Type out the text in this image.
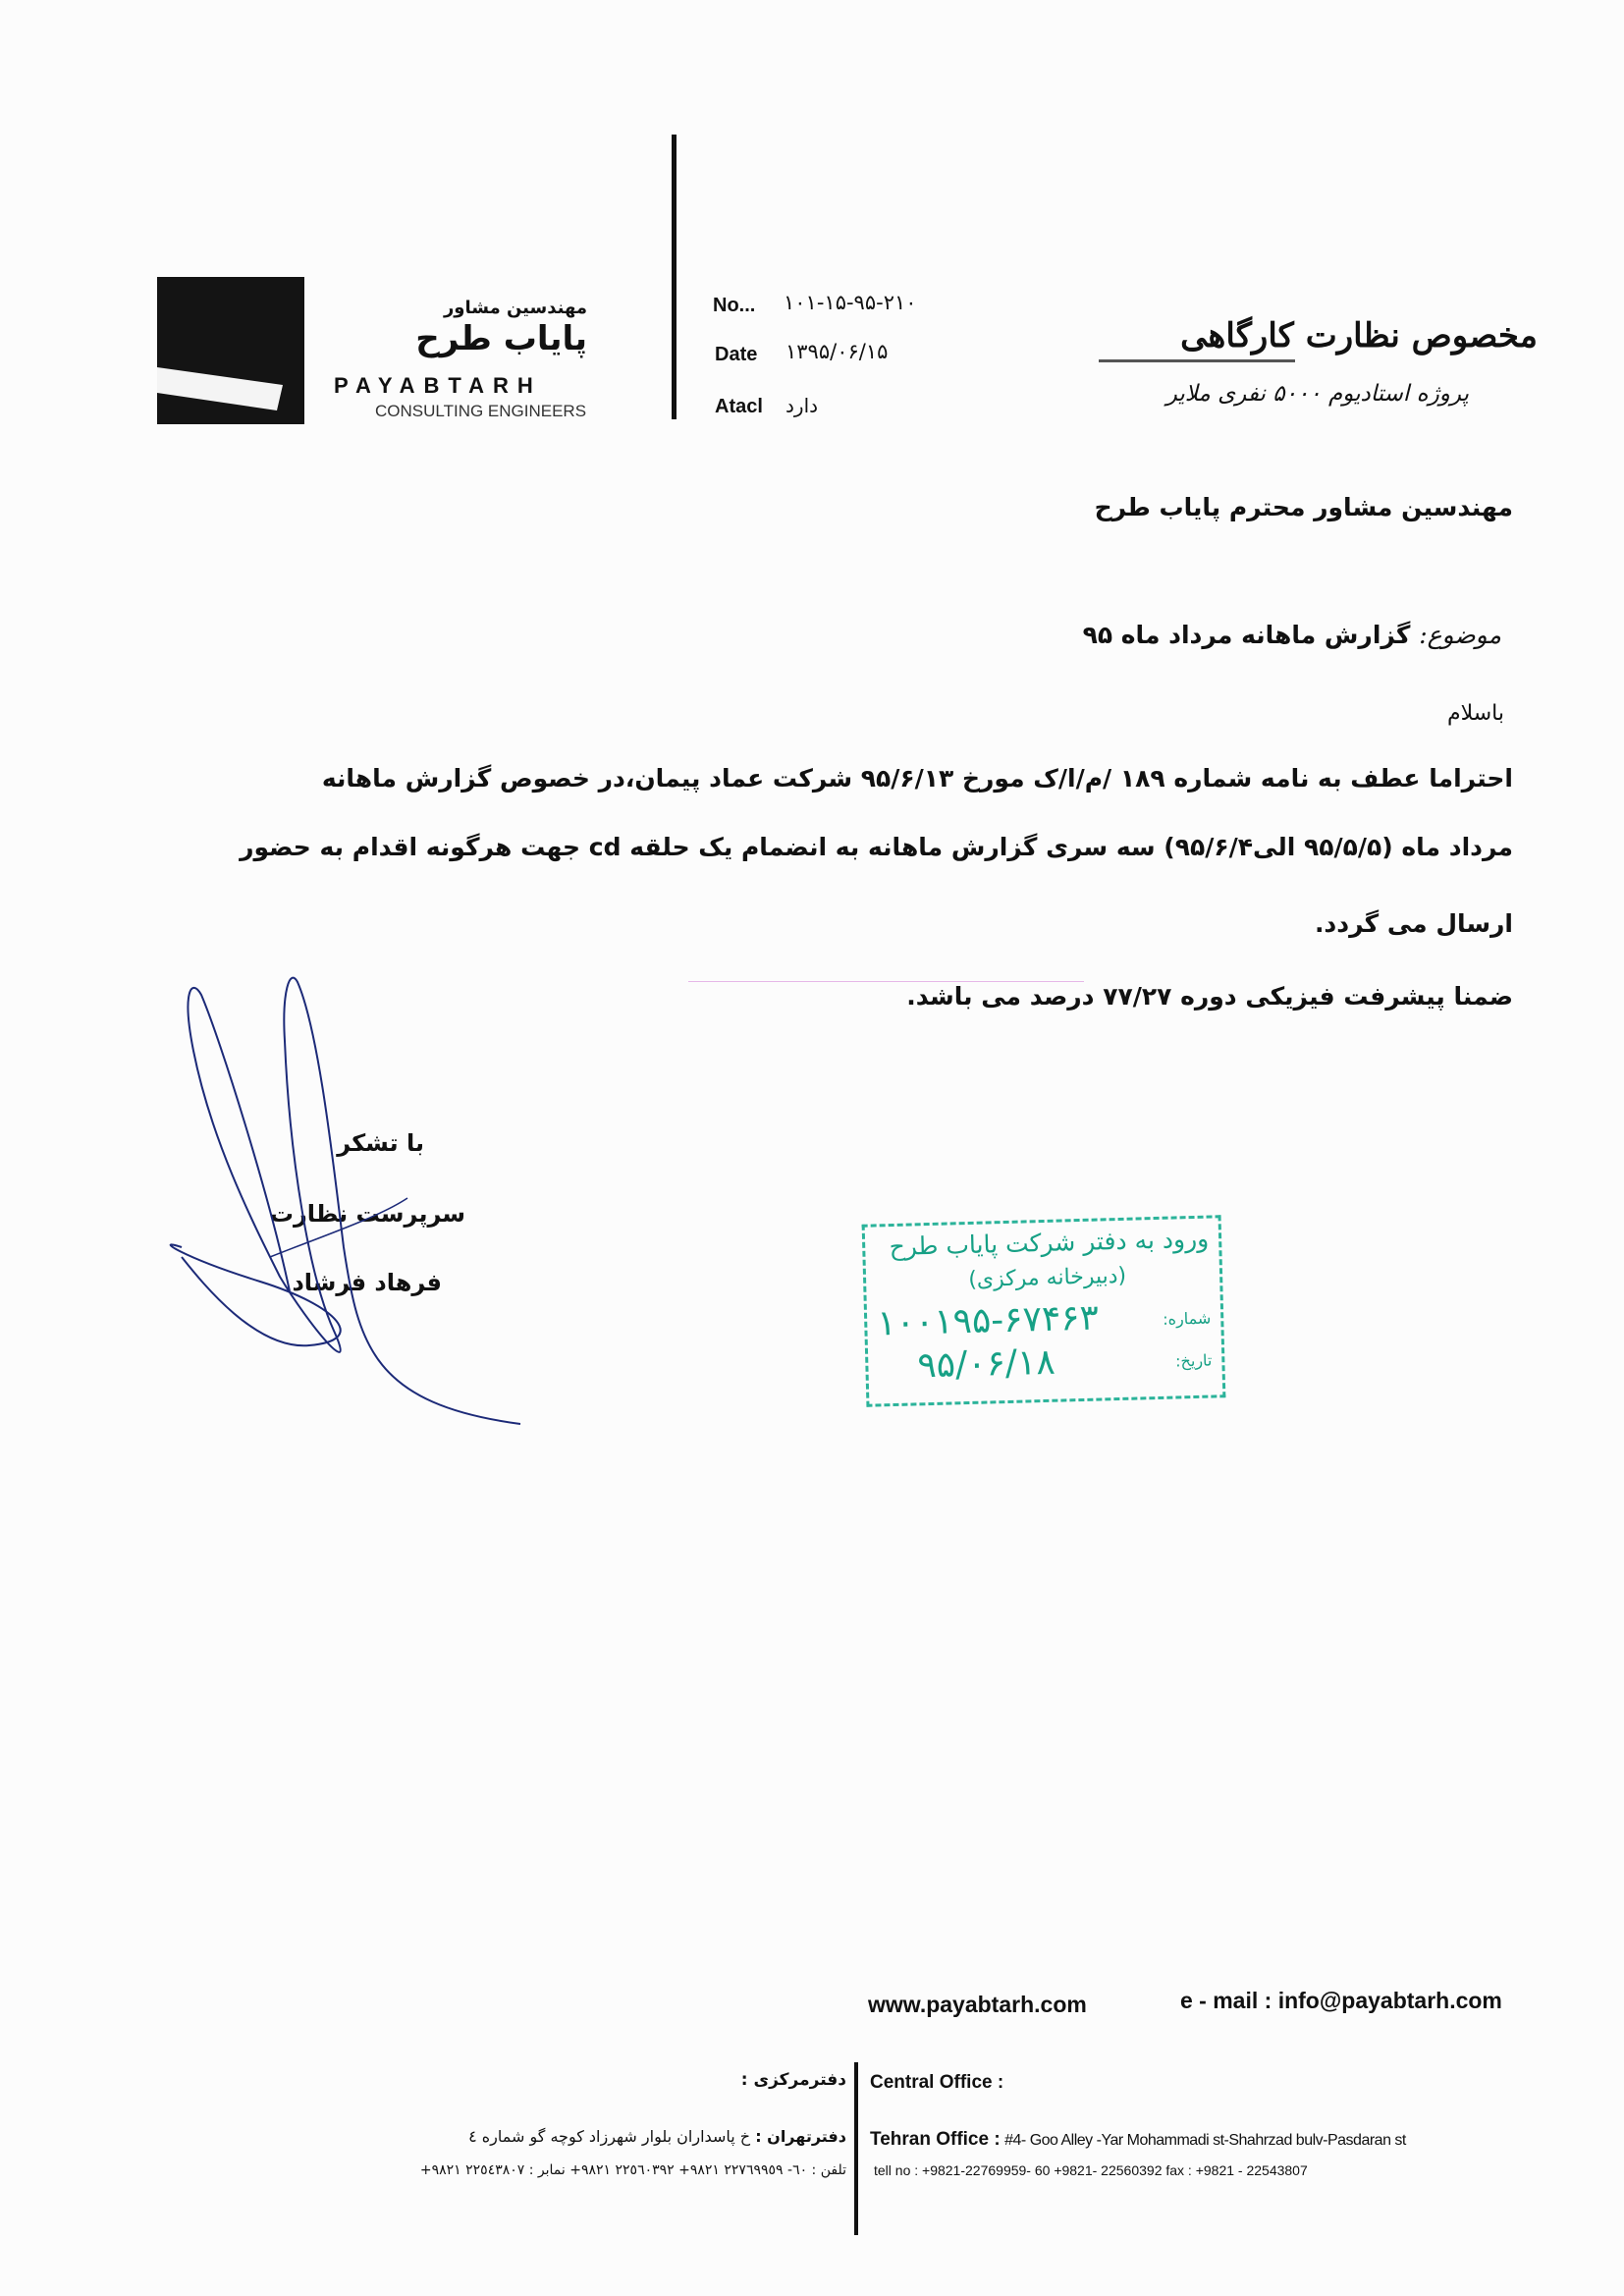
مهندسین مشاور
پایاب طرح
PAYABTARH
CONSULTING ENGINEERS
No... ۱۰۱-۱۵-۹۵-۲۱۰
Date ۱۳۹۵/۰۶/۱۵
Atacl دارد
مخصوص نظارت کارگاهی
پروژه استادیوم ۵۰۰۰ نفری ملایر
مهندسین مشاور محترم پایاب طرح
موضوع: گزارش ماهانه مرداد ماه ۹۵
باسلام
احتراما عطف به نامه شماره ۱۸۹ /م/ا/ک مورخ ۹۵/۶/۱۳ شرکت عماد پیمان،در خصوص گزارش ماهانه
مرداد ماه (۹۵/۵/۵ الی۹۵/۶/۴) سه سری گزارش ماهانه به انضمام یک حلقه cd جهت هرگونه اقدام به حضور
ارسال می گردد.
ضمنا پیشرفت فیزیکی دوره ۷۷/۲۷ درصد می باشد.
با تشکر
سرپرست نظارت
فرهاد فرشاد
ورود به دفتر شرکت پایاب طرح
(دبیرخانه مرکزی)
شماره:
۱۰۰۱۹۵-۶۷۴۶۳
تاریخ:
۹۵/۰۶/۱۸
www.payabtarh.com	e - mail : info@payabtarh.com
Central Office :
دفترمرکزی :
Tehran Office : #4- Goo Alley -Yar Mohammadi st-Shahrzad bulv-Pasdaran st
tell no : +9821-22769959- 60 +9821- 22560392 fax : +9821 - 22543807
دفترتهران : خ پاسداران بلوار شهرزاد کوچه گو شماره ٤
تلفن : ٦٠- ٢٢٧٦٩٩٥٩ ٩٨٢١+ ٢٢٥٦٠٣٩٢ ٩٨٢١+ نمابر : ٢٢٥٤٣٨٠٧ ٩٨٢١+
